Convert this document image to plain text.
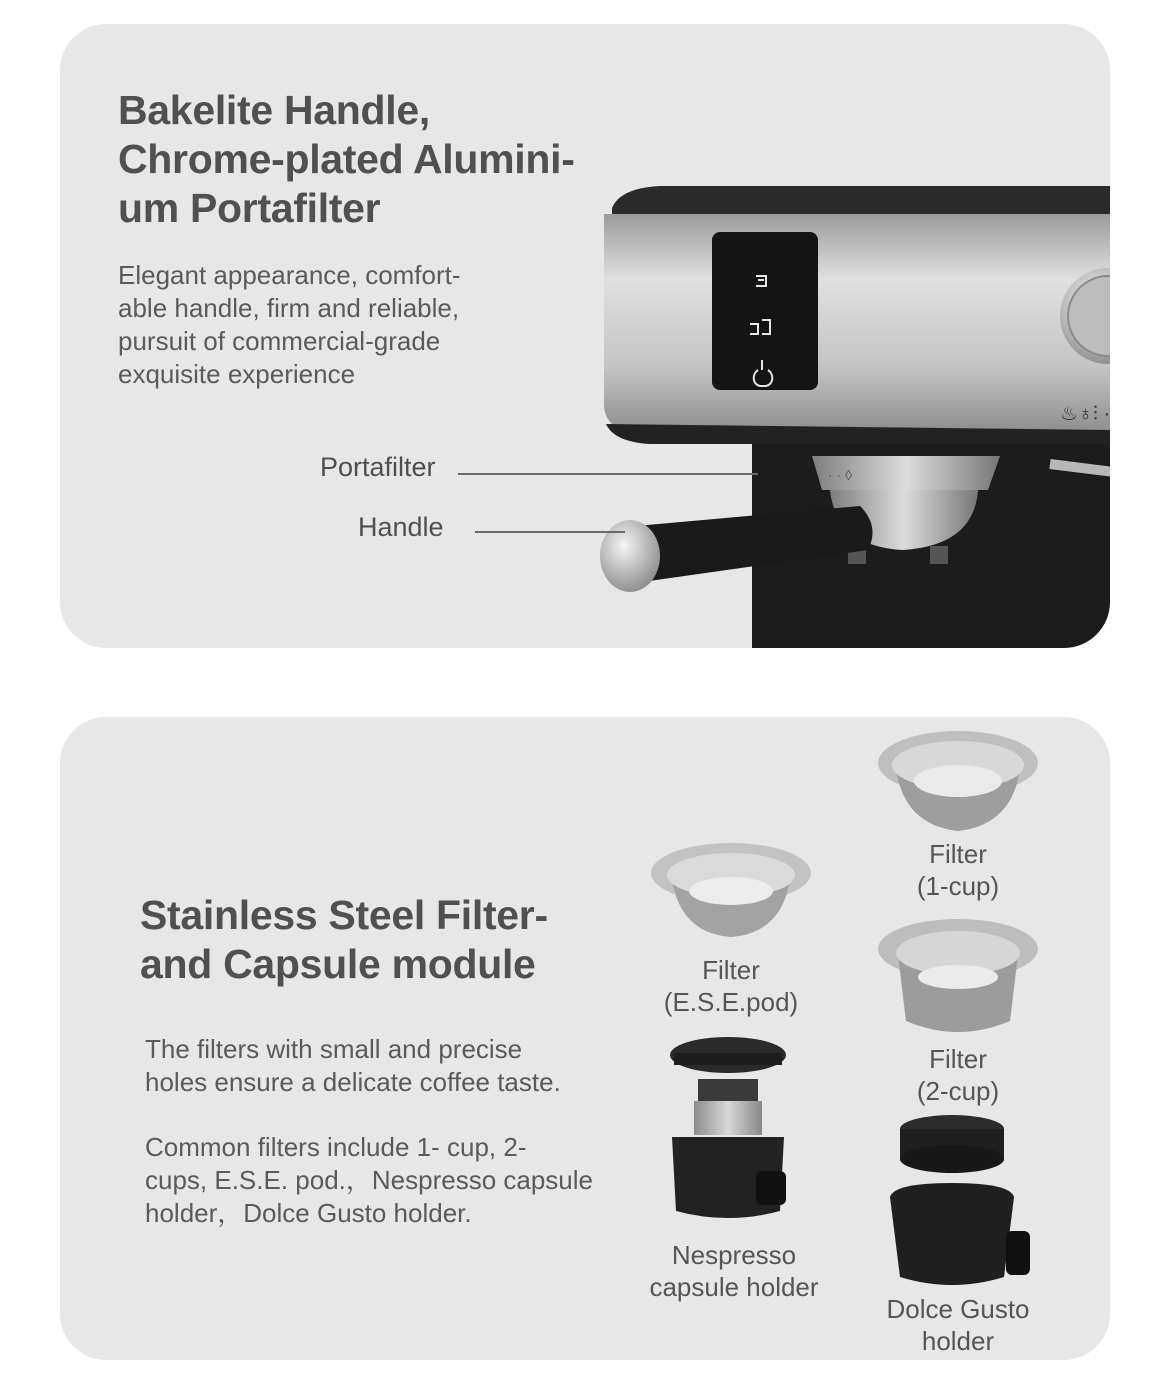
Bakelite Handle,
Chrome-plated Alumini-
um Portafilter

Elegant appearance, comfort-
able handle, firm and reliable,
pursuit of commercial-grade
exquisite experience

♨♁⫶ ·
· · ◊
Portafilter
Handle
Stainless Steel Filter-
and Capsule module

The filters with small and precise
holes ensure a delicate coffee taste.

Common filters include 1- cup, 2-
cups, E.S.E. pod.，Nespresso capsule
holder，Dolce Gusto holder.

Filter
(1-cup)
Filter
(E.S.E.pod)
Filter
(2-cup)
Nespresso
capsule holder
Dolce Gusto
holder
